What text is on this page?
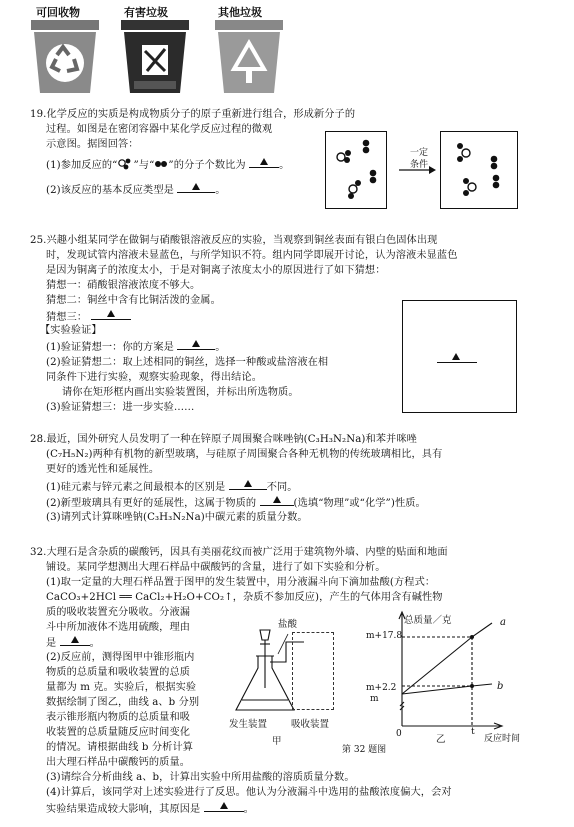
可回收物	有害垃圾	其他垃圾
19.化学反应的实质是构成物质分子的原子重新进行组合，形成新分子的
过程。如图是在密闭容器中某化学反应过程的微观
示意图。据图回答：
(1)参加反应的“ ”与“ ”的分子个数比为	。
(2)该反应的基本反应类型是	。
一定
条件
25.兴趣小组某同学在做铜与硝酸银溶液反应的实验，当观察到铜丝表面有银白色固体出现
时，发现试管内溶液未显蓝色，与所学知识不符。组内同学即展开讨论，认为溶液未显蓝色
是因为铜离子的浓度太小，于是对铜离子浓度太小的原因进行了如下猜想：
猜想一：硝酸银溶液浓度不够大。
猜想二：铜丝中含有比铜活泼的金属。
猜想三：
【实验验证】
(1)验证猜想一：你的方案是	。
(2)验证猜想二：取上述相同的铜丝，选择一种酸或盐溶液在相
同条件下进行实验，观察实验现象，得出结论。
请你在矩形框内画出实验装置图，并标出所选物质。
(3)验证猜想三：进一步实验……
28.最近，国外研究人员发明了一种在锌原子周围聚合咪唑钠(C₃H₃N₂Na)和苯并咪唑
(C₇H₅N₂)两种有机物的新型玻璃，与硅原子周围聚合各种无机物的传统玻璃相比，具有
更好的透光性和延展性。
(1)硅元素与锌元素之间最根本的区别是	不同。
(2)新型玻璃具有更好的延展性，这属于物质的	(选填“物理”或“化学”)性质。
(3)请列式计算咪唑钠(C₃H₃N₂Na)中碳元素的质量分数。
32.大理石是含杂质的碳酸钙，因具有美丽花纹而被广泛用于建筑物外墙、内壁的贴面和地面
铺设。某同学想测出大理石样品中碳酸钙的含量，进行了如下实验和分析。
(1)取一定量的大理石样品置于图甲的发生装置中，用分液漏斗向下滴加盐酸(方程式：
CaCO₃+2HCl ══ CaCl₂+H₂O+CO₂↑，杂质不参加反应)，产生的气体用含有碱性物
质的吸收装置充分吸收。分液漏
斗中所加液体不选用硫酸，理由
是	。
(2)反应前，测得图甲中锥形瓶内
物质的总质量和吸收装置的总质
量都为 m 克。实验后，根据实验
数据绘制了图乙，曲线 a、b 分别
表示锥形瓶内物质的总质量和吸
收装置的总质量随反应时间变化
的情况。请根据曲线 b 分析计算
出大理石样品中碳酸钙的质量。
(3)请综合分析曲线 a、b，计算出实验中所用盐酸的溶质质量分数。
(4)计算后，该同学对上述实验进行了反思。他认为分液漏斗中选用的盐酸浓度偏大，会对
实验结果造成较大影响，其原因是	。
盐酸
发生装置	吸收装置
甲
总质量／克
m+17.8
m+2.2
m
0	t
反应时间
a
b
乙
第 32 题图
